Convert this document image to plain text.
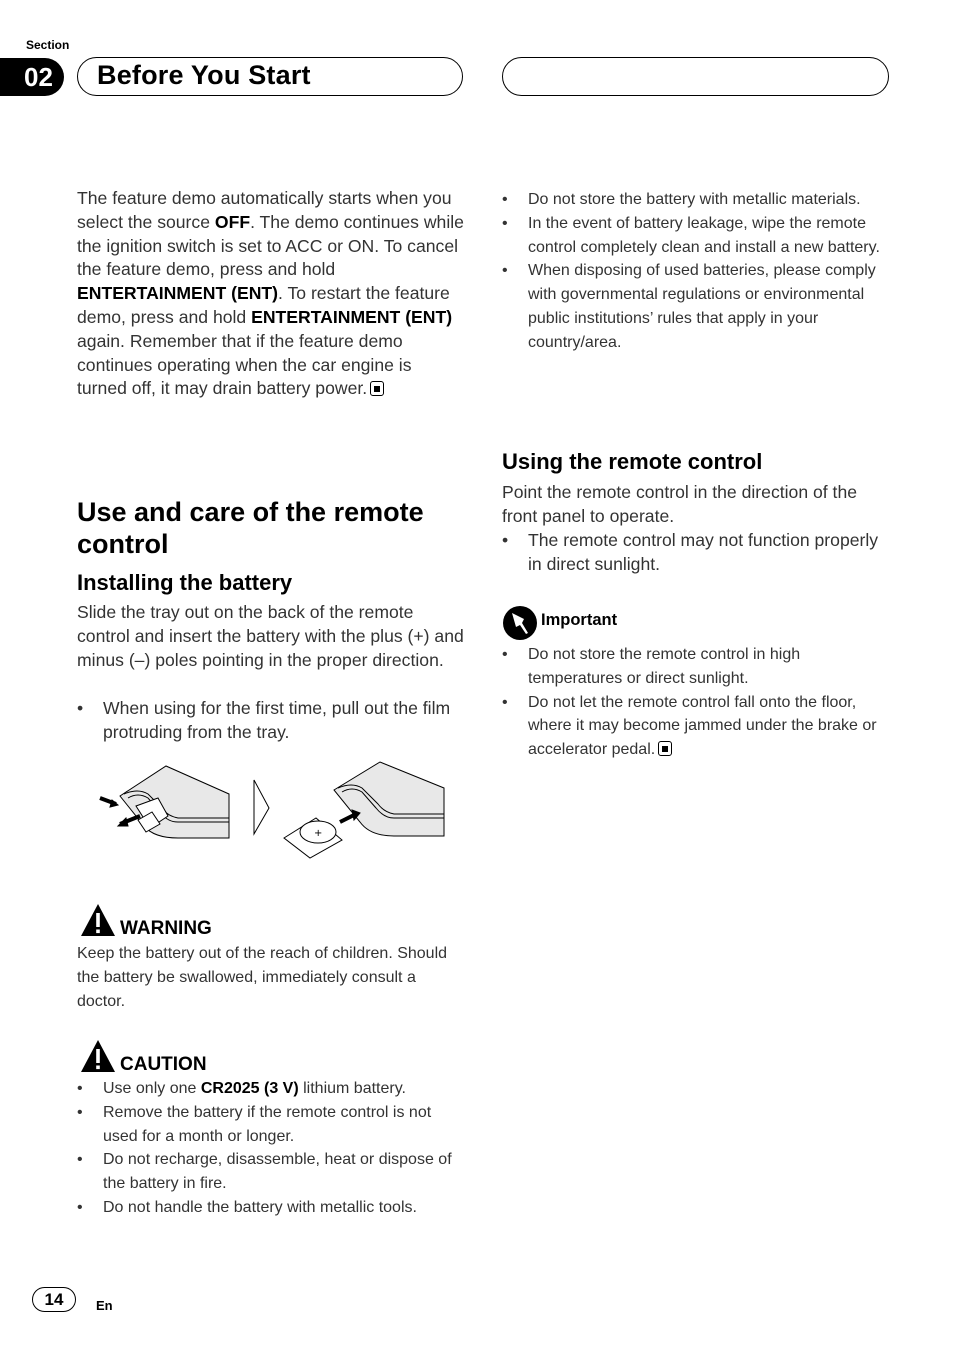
Section
02	Before You Start
The feature demo automatically starts when you select the source OFF. The demo continues while the ignition switch is set to ACC or ON. To cancel the feature demo, press and hold ENTERTAINMENT (ENT). To restart the feature demo, press and hold ENTERTAINMENT (ENT) again. Remember that if the feature demo continues operating when the car engine is turned off, it may drain battery power.
Use and care of the remote control
Installing the battery
Slide the tray out on the back of the remote control and insert the battery with the plus (+) and minus (–) poles pointing in the proper direction.
• When using for the first time, pull out the film protruding from the tray.
+
WARNING
Keep the battery out of the reach of children. Should the battery be swallowed, immediately consult a doctor.
CAUTION
• Use only one CR2025 (3 V) lithium battery.
• Remove the battery if the remote control is not used for a month or longer.
• Do not recharge, disassemble, heat or dispose of the battery in fire.
• Do not handle the battery with metallic tools.
• Do not store the battery with metallic materials.
• In the event of battery leakage, wipe the remote control completely clean and install a new battery.
• When disposing of used batteries, please comply with governmental regulations or environmental public institutions’ rules that apply in your country/area.
Using the remote control
Point the remote control in the direction of the front panel to operate.
• The remote control may not function properly in direct sunlight.
Important
• Do not store the remote control in high temperatures or direct sunlight.
• Do not let the remote control fall onto the floor, where it may become jammed under the brake or accelerator pedal.
14	En
